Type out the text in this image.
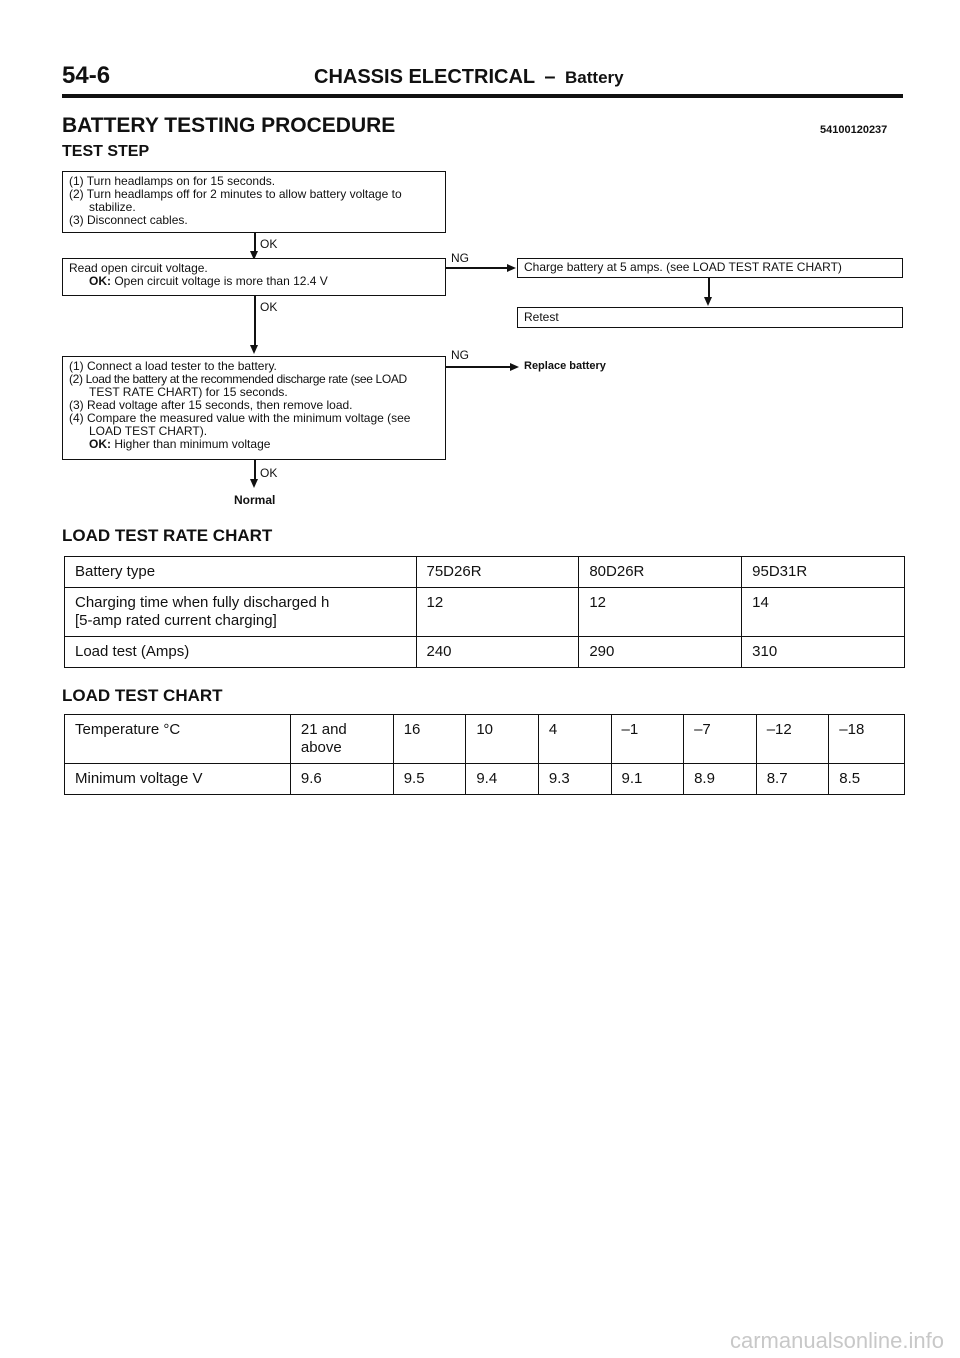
54-6	CHASSIS ELECTRICAL – Battery
BATTERY TESTING PROCEDURE	54100120237
TEST STEP
(1) Turn headlamps on for 15 seconds.
(2) Turn headlamps off for 2 minutes to allow battery voltage to
stabilize.
(3) Disconnect cables.
OK
Read open circuit voltage.
OK: Open circuit voltage is more than 12.4 V
NG
Charge battery at 5 amps. (see LOAD TEST RATE CHART)
Retest
OK
(1) Connect a load tester to the battery.
(2) Load the battery at the recommended discharge rate (see LOAD
TEST RATE CHART) for 15 seconds.
(3) Read voltage after 15 seconds, then remove load.
(4) Compare the measured value with the minimum voltage (see
LOAD TEST CHART).
OK: Higher than minimum voltage
NG
Replace battery
OK
Normal
LOAD TEST RATE CHART
Battery type	75D26R	80D26R	95D31R

Charging time when fully discharged h
[5-amp rated current charging]	12	12	14
Load test (Amps)	240	290	310
LOAD TEST CHART
Temperature °C	21 and above	16	10	4	–1	–7	–12	–18
Minimum voltage V	9.6	9.5	9.4	9.3	9.1	8.9	8.7	8.5
carmanualsonline.info
